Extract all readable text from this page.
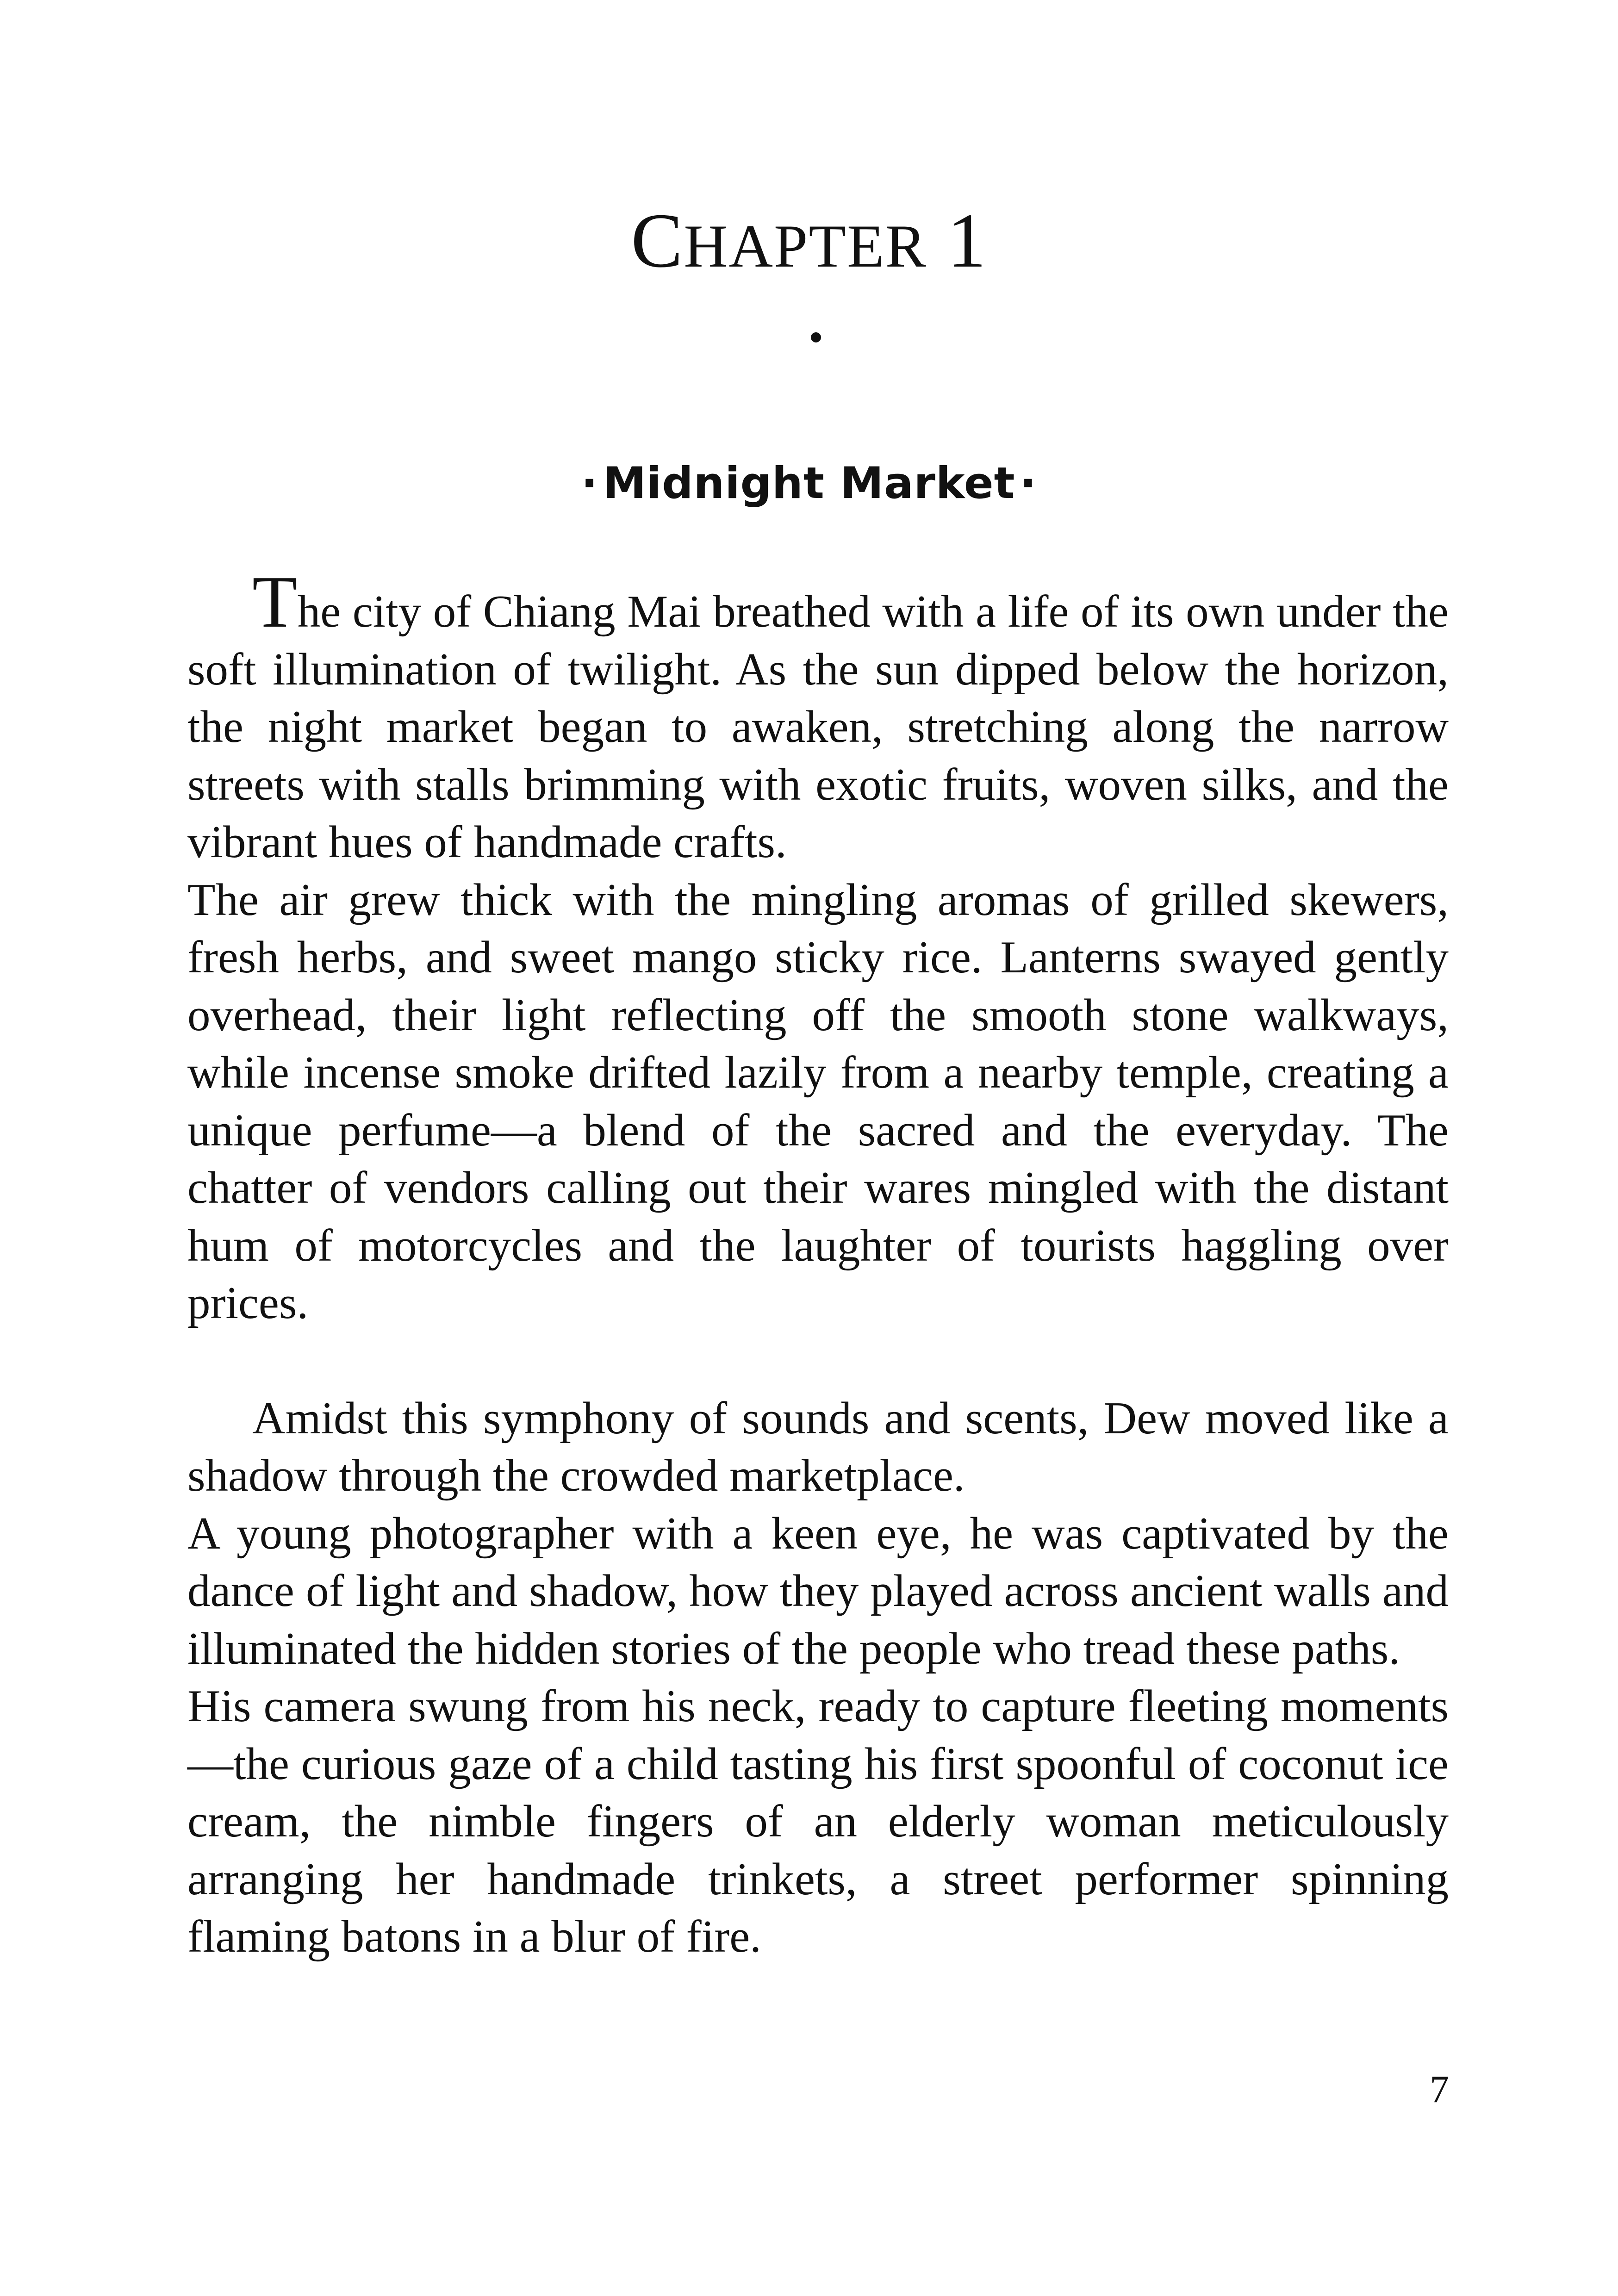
CHAPTER 1
· Midnight Market ·

The city of Chiang Mai breathed with a life of its own under the soft illumination of twilight. As the sun dipped below the horizon, the night market began to awaken, stretching along the narrow streets with stalls brimming with exotic fruits, woven silks, and the vibrant hues of handmade crafts.

The air grew thick with the mingling aromas of grilled skewers, fresh herbs, and sweet mango sticky rice. Lanterns swayed gently overhead, their light reflecting off the smooth stone walkways, while incense smoke drifted lazily from a nearby temple, creating a unique perfume—a blend of the sacred and the everyday. The chatter of vendors calling out their wares mingled with the distant hum of motorcycles and the laughter of tourists haggling over prices.

Amidst this symphony of sounds and scents, Dew moved like a shadow through the crowded marketplace.

A young photographer with a keen eye, he was captivated by the dance of light and shadow, how they played across ancient walls and illuminated the hidden stories of the people who tread these paths.

His camera swung from his neck, ready to capture fleeting moments—the curious gaze of a child tasting his first spoonful of coconut ice cream, the nimble fingers of an elderly woman meticulously arranging her handmade trinkets, a street performer spinning flaming batons in a blur of fire.

7
